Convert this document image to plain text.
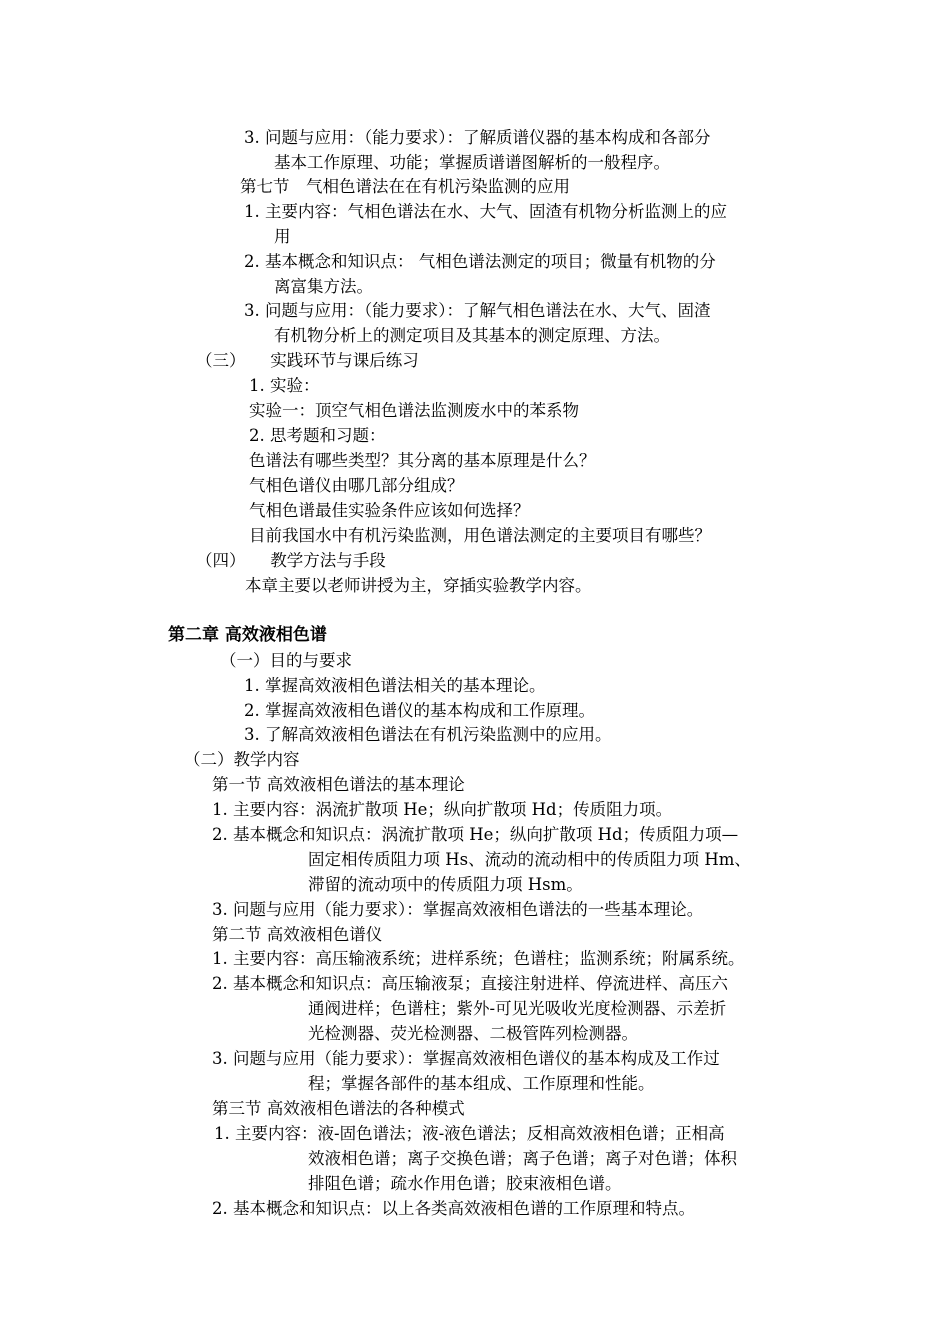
3. 问题与应用：（能力要求）：了解质谱仪器的基本构成和各部分
基本工作原理、功能；掌握质谱谱图解析的一般程序。
第七节　气相色谱法在在有机污染监测的应用
1. 主要内容：气相色谱法在水、大气、固渣有机物分析监测上的应
用
2. 基本概念和知识点： 气相色谱法测定的项目；微量有机物的分
离富集方法。
3. 问题与应用：（能力要求）：了解气相色谱法在水、大气、固渣
有机物分析上的测定项目及其基本的测定原理、方法。
（三）　　实践环节与课后练习
1. 实验：
实验一：顶空气相色谱法监测废水中的苯系物
2. 思考题和习题：
色谱法有哪些类型？其分离的基本原理是什么？
气相色谱仪由哪几部分组成？
气相色谱最佳实验条件应该如何选择？
目前我国水中有机污染监测，用色谱法测定的主要项目有哪些？
（四）　　教学方法与手段
本章主要以老师讲授为主，穿插实验教学内容。
第二章 高效液相色谱
（一）目的与要求
1. 掌握高效液相色谱法相关的基本理论。
2. 掌握高效液相色谱仪的基本构成和工作原理。
3. 了解高效液相色谱法在有机污染监测中的应用。
（二）教学内容
第一节 高效液相色谱法的基本理论
1. 主要内容：涡流扩散项 He；纵向扩散项 Hd；传质阻力项。
2. 基本概念和知识点：涡流扩散项 He；纵向扩散项 Hd；传质阻力项—
固定相传质阻力项 Hs、流动的流动相中的传质阻力项 Hm、
滞留的流动项中的传质阻力项 Hsm。
3. 问题与应用（能力要求）：掌握高效液相色谱法的一些基本理论。
第二节 高效液相色谱仪
1. 主要内容：高压输液系统；进样系统；色谱柱；监测系统；附属系统。
2. 基本概念和知识点：高压输液泵；直接注射进样、停流进样、高压六
通阀进样；色谱柱；紫外-可见光吸收光度检测器、示差折
光检测器、荧光检测器、二极管阵列检测器。
3. 问题与应用（能力要求）：掌握高效液相色谱仪的基本构成及工作过
程；掌握各部件的基本组成、工作原理和性能。
第三节 高效液相色谱法的各种模式
1. 主要内容：液-固色谱法；液-液色谱法；反相高效液相色谱；正相高
效液相色谱；离子交换色谱；离子色谱；离子对色谱；体积
排阻色谱；疏水作用色谱；胶束液相色谱。
2. 基本概念和知识点：以上各类高效液相色谱的工作原理和特点。
